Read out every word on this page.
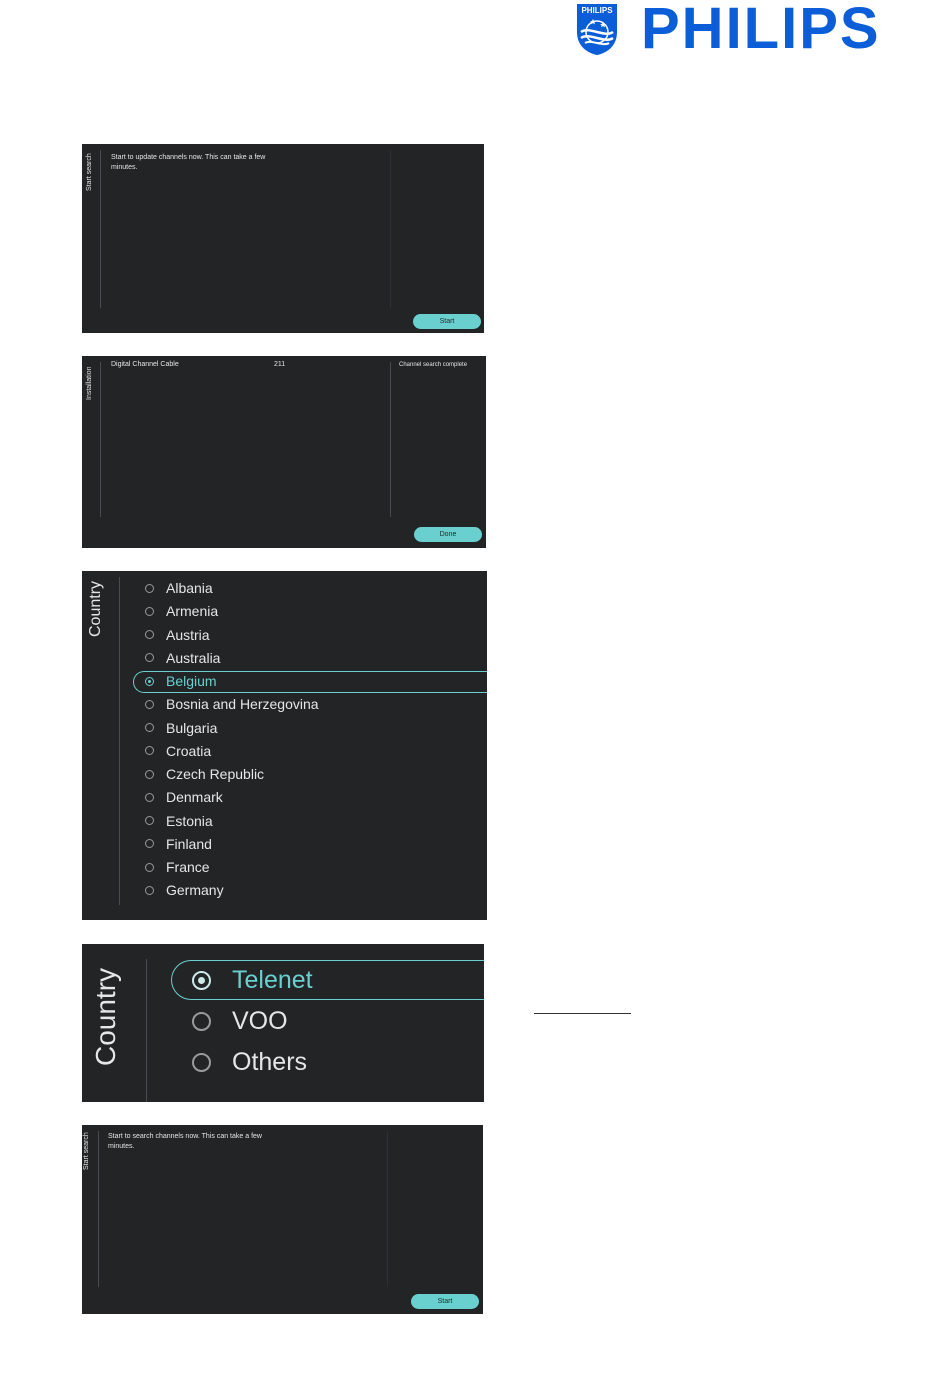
PHILIPS PHILIPS
Start search	Start to update channels now. This can take a few minutes.
Start
Installation
Digital Channel Cable	211	Channel search complete
Done
Country	Albania
Armenia
Austria
Australia
Belgium
Bosnia and Herzegovina
Bulgaria
Croatia
Czech Republic
Denmark
Estonia
Finland
France
Germany
Country	Telenet
VOO
Others
Start search	Start to search channels now. This can take a few minutes.
Start
